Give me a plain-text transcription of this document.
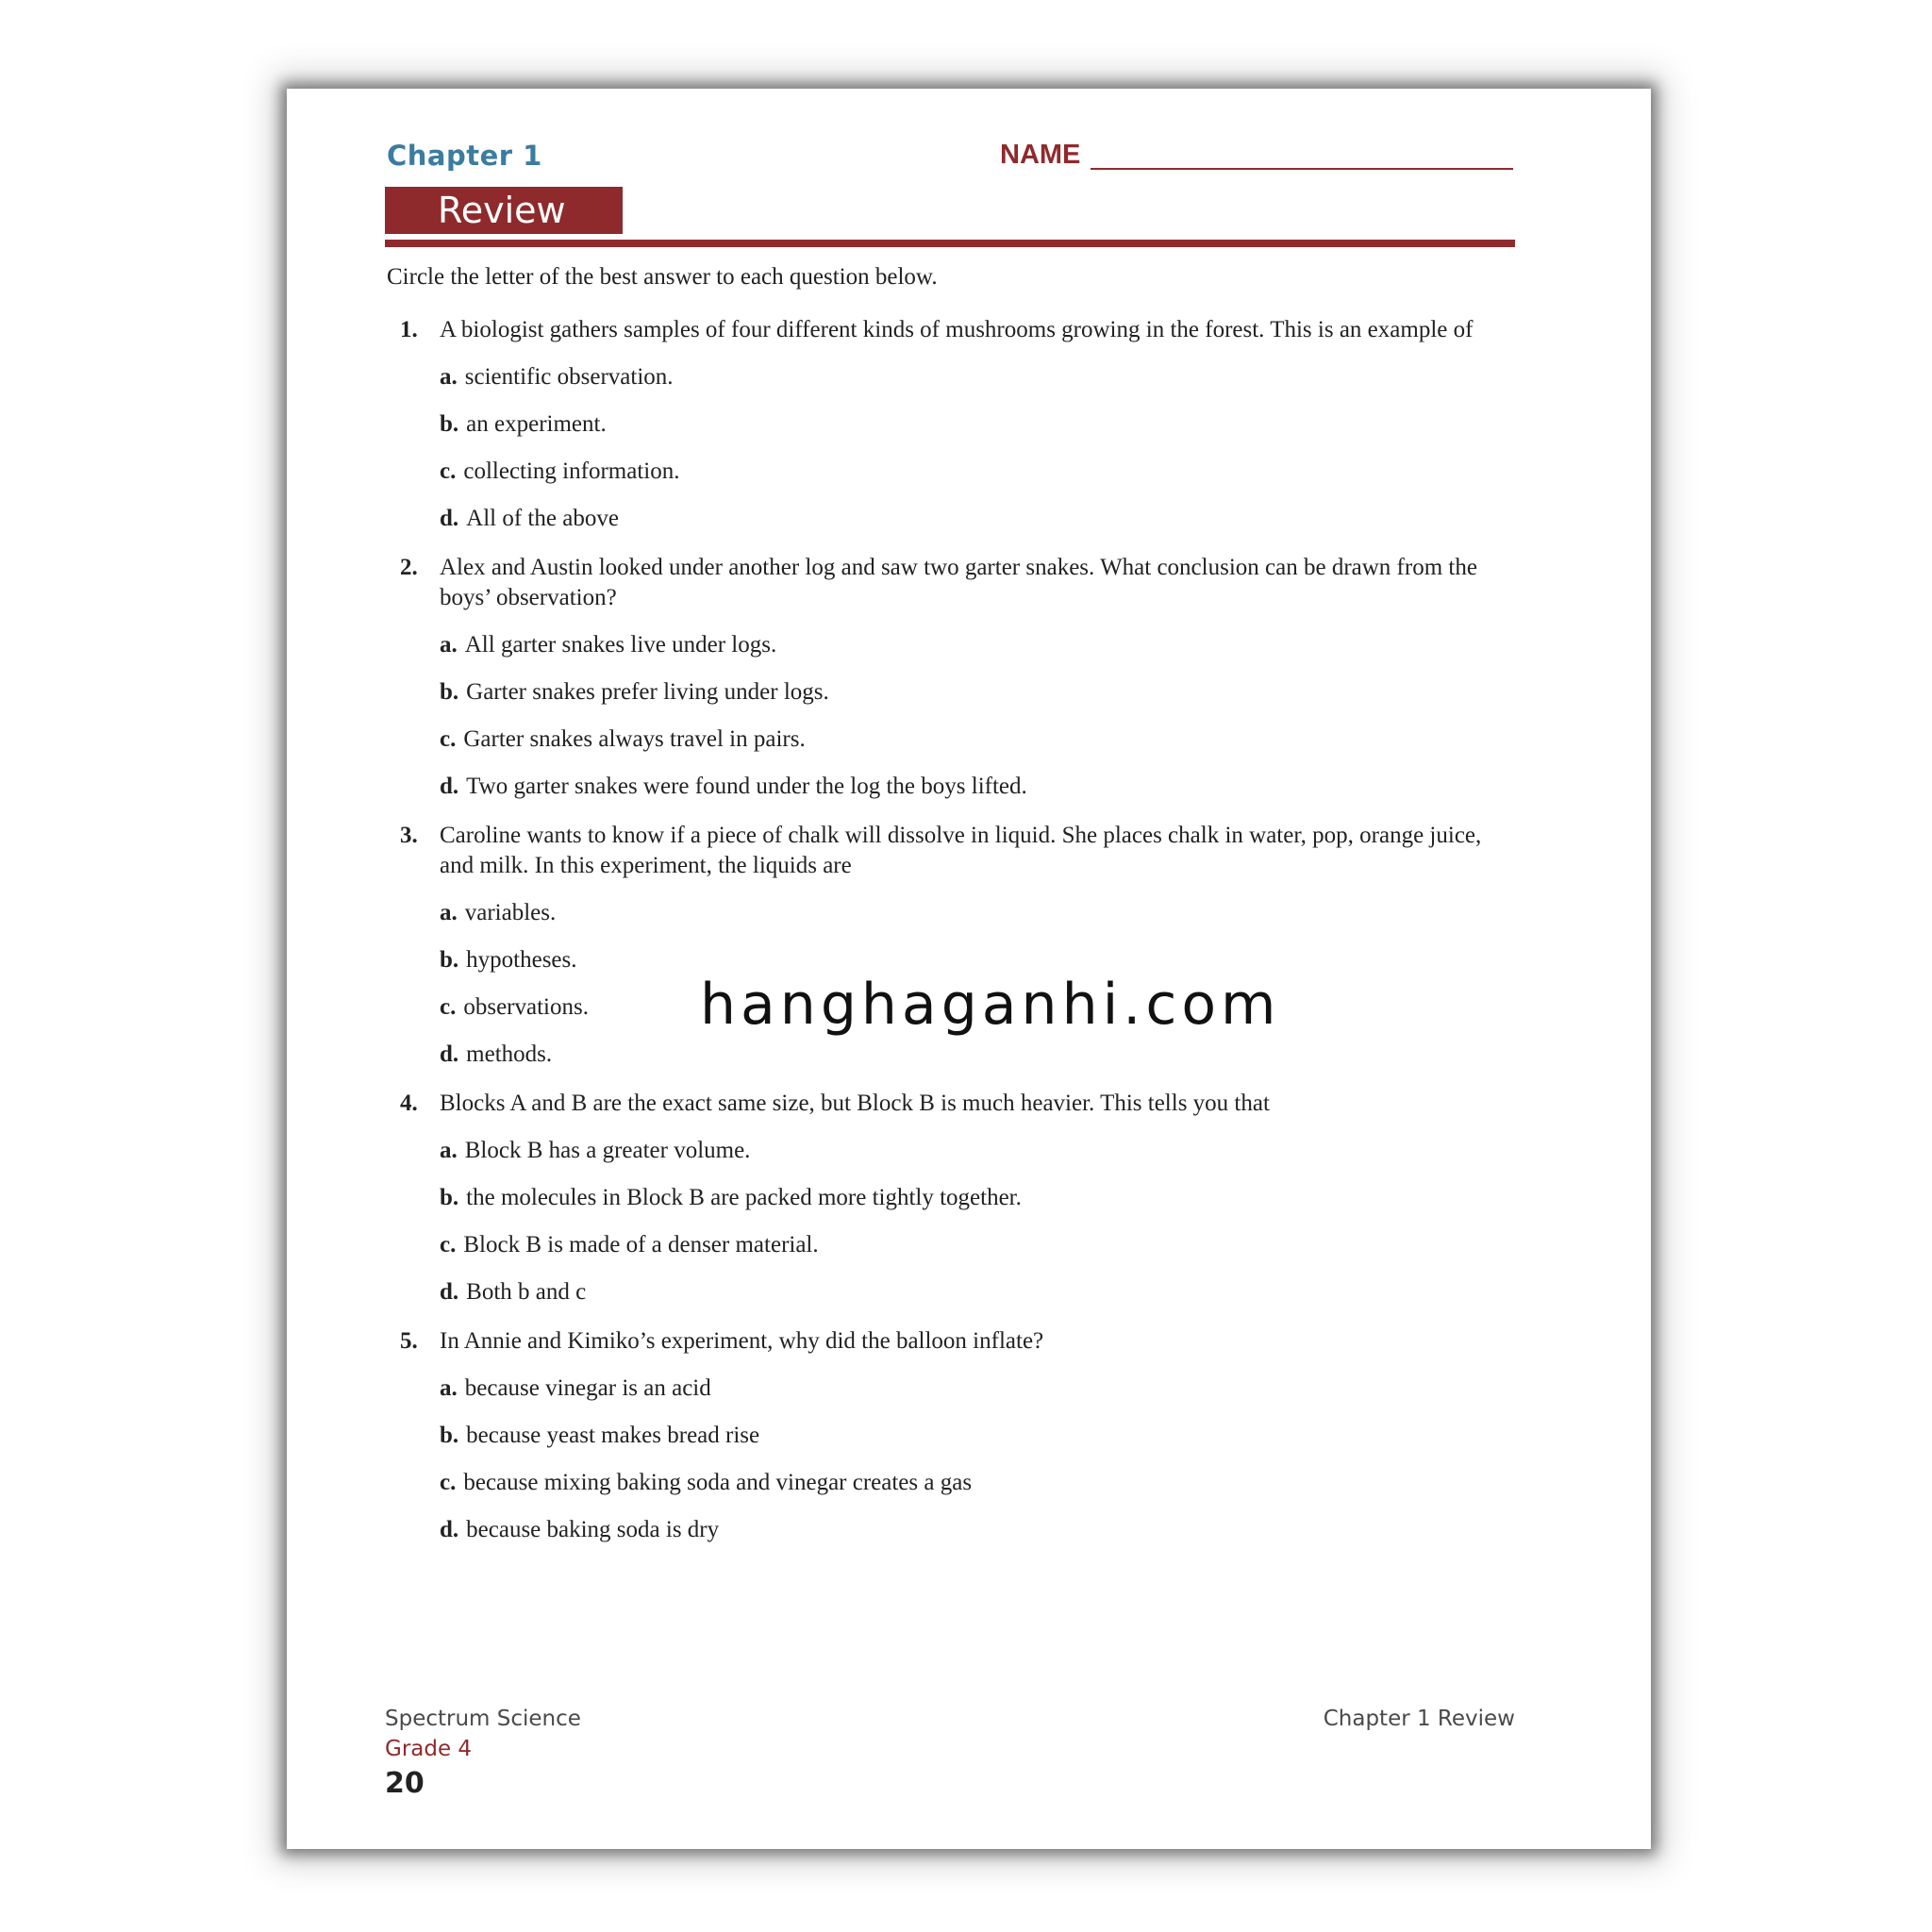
Chapter 1	NAME
Review
Circle the letter of the best answer to each question below.
1. A biologist gathers samples of four different kinds of mushrooms growing in the forest. This is an example of
a. scientific observation.
b. an experiment.
c. collecting information.
d. All of the above
2. Alex and Austin looked under another log and saw two garter snakes. What conclusion can be drawn from the boys’ observation?
a. All garter snakes live under logs.
b. Garter snakes prefer living under logs.
c. Garter snakes always travel in pairs.
d. Two garter snakes were found under the log the boys lifted.
3. Caroline wants to know if a piece of chalk will dissolve in liquid. She places chalk in water, pop, orange juice, and milk. In this experiment, the liquids are
a. variables.
b. hypotheses.
c. observations.
d. methods.
4. Blocks A and B are the exact same size, but Block B is much heavier. This tells you that
a. Block B has a greater volume.
b. the molecules in Block B are packed more tightly together.
c. Block B is made of a denser material.
d. Both b and c
5. In Annie and Kimiko’s experiment, why did the balloon inflate?
a. because vinegar is an acid
b. because yeast makes bread rise
c. because mixing baking soda and vinegar creates a gas
d. because baking soda is dry
Spectrum Science
Grade 4
20
Chapter 1 Review
hanghaganhi.com
